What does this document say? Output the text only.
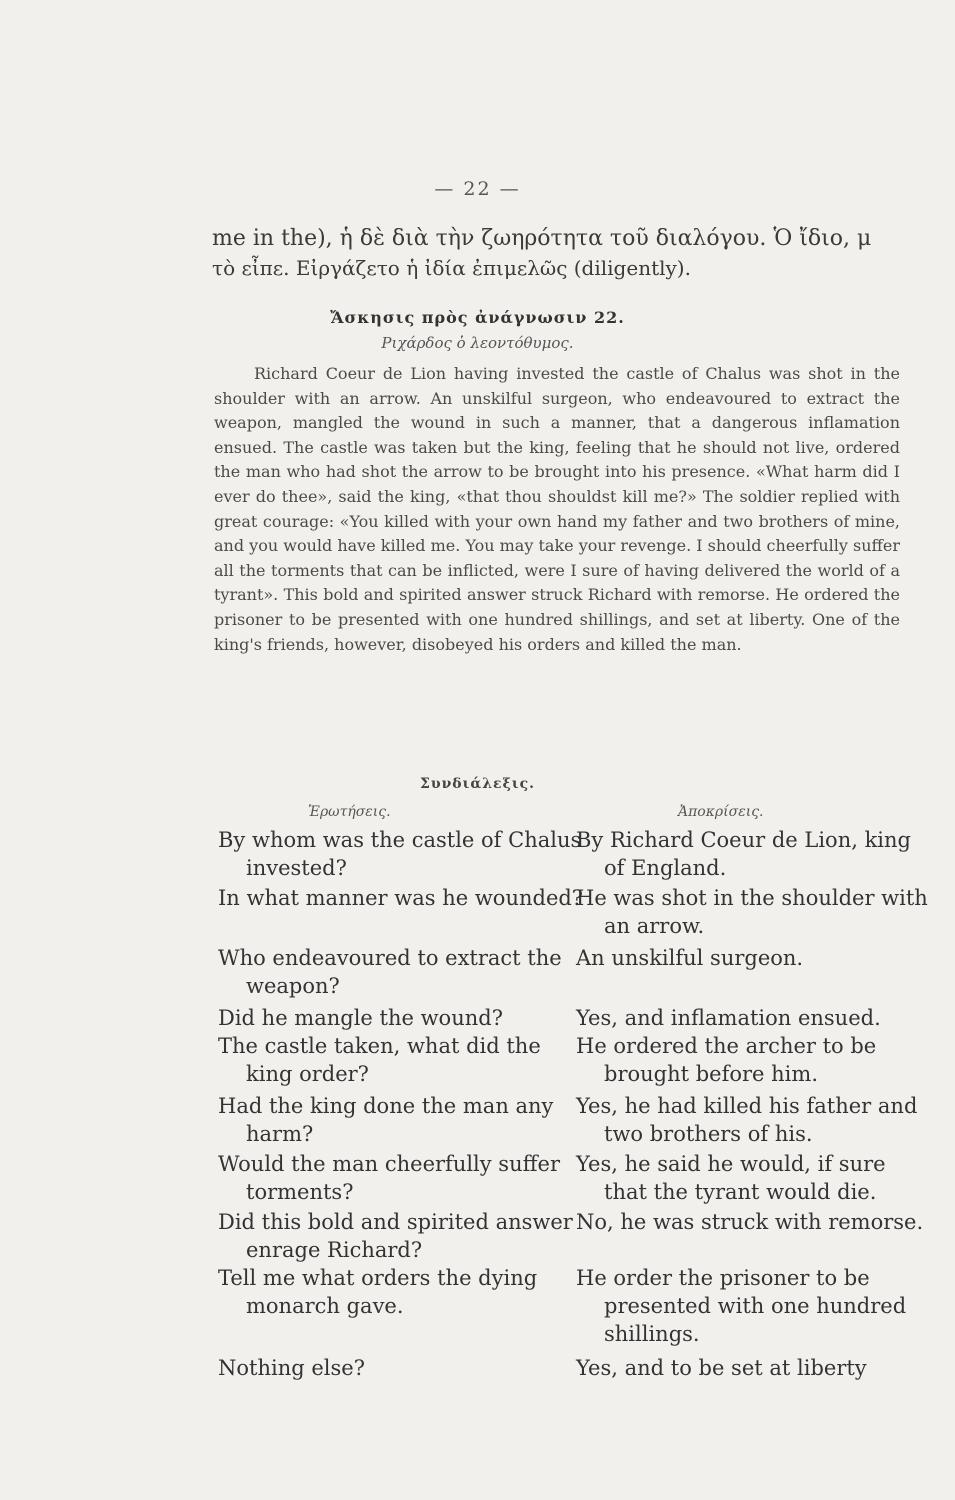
— 22 —
me in the), ἡ δὲ διὰ τὴν ζωηρότητα τοῦ διαλόγου. Ὁ ἴδιο, μ
τὸ εἶπε. Εἰργάζετο ἡ ἰδία ἐπιμελῶς (diligently).
Ἄσκησις πρὸς ἀνάγνωσιν 22.
Ριχάρδος ὁ λεοντόθυμος.
Richard Coeur de Lion having invested the castle of Chalus was shot in the shoulder with an arrow. An unskilful surgeon, who endeavoured to extract the weapon, mangled the wound in such a manner, that a dangerous inflamation ensued. The castle was taken but the king, feeling that he should not live, ordered the man who had shot the arrow to be brought into his presence. «What harm did I ever do thee», said the king, «that thou shouldst kill me?» The soldier replied with great courage: «You killed with your own hand my father and two brothers of mine, and you would have killed me. You may take your revenge. I should cheerfully suffer all the torments that can be inflicted, were I sure of having delivered the world of a tyrant». This bold and spirited answer struck Richard with remorse. He ordered the prisoner to be presented with one hundred shillings, and set at liberty. One of the king's friends, however, disobeyed his orders and killed the man.
Συνδιάλεξις.
Ἐρωτήσεις.	Ἀποκρίσεις.
By whom was the castle of Chalus invested?
In what manner was he wounded?
Who endeavoured to extract the weapon?
Did he mangle the wound?
The castle taken, what did the king order?
Had the king done the man any harm?
Would the man cheerfully suffer torments?
Did this bold and spirited answer enrage Richard?
Tell me what orders the dying monarch gave.
Nothing else?
By Richard Coeur de Lion, king of England.
He was shot in the shoulder with an arrow.
An unskilful surgeon.
Yes, and inflamation ensued.
He ordered the archer to be brought before him.
Yes, he had killed his father and two brothers of his.
Yes, he said he would, if sure that the tyrant would die.
No, he was struck with remorse.
He order the prisoner to be presented with one hundred shillings.
Yes, and to be set at liberty
